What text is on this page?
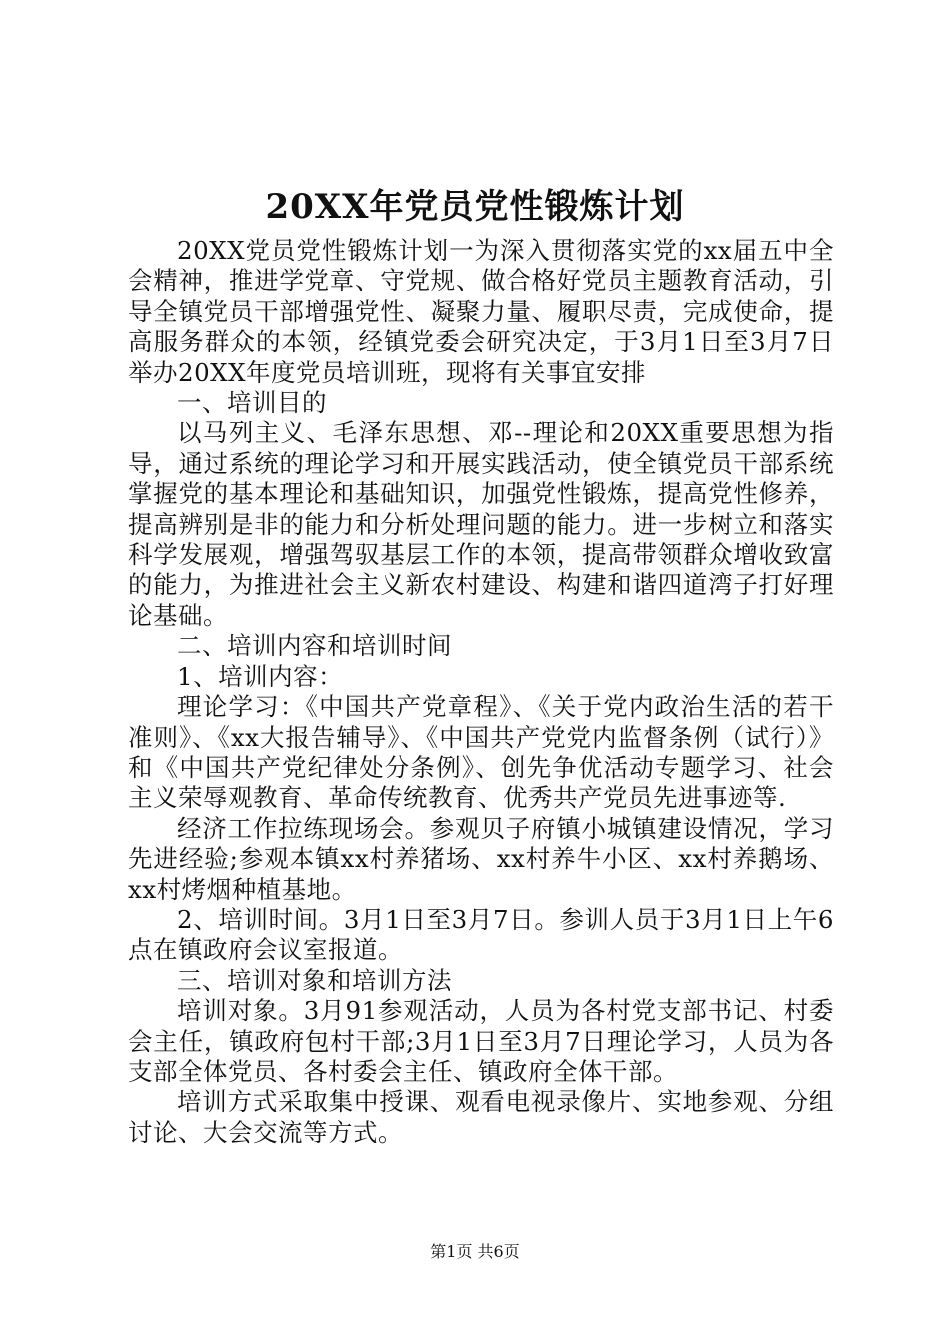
20XX年党员党性锻炼计划

20XX党员党性锻炼计划一为深入贯彻落实党的xx届五中全会精神，推进学党章、守党规、做合格好党员主题教育活动，引导全镇党员干部增强党性、凝聚力量、履职尽责，完成使命，提高服务群众的本领，经镇党委会研究决定，于3月1日至3月7日举办20XX年度党员培训班，现将有关事宜安排

一、培训目的

以马列主义、毛泽东思想、邓--理论和20XX重要思想为指导，通过系统的理论学习和开展实践活动，使全镇党员干部系统掌握党的基本理论和基础知识，加强党性锻炼，提高党性修养，提高辨别是非的能力和分析处理问题的能力。进一步树立和落实科学发展观，增强驾驭基层工作的本领，提高带领群众增收致富的能力，为推进社会主义新农村建设、构建和谐四道湾子打好理论基础。

二、培训内容和培训时间

1、培训内容：

理论学习：《中国共产党章程》、《关于党内政治生活的若干准则》、《xx大报告辅导》、《中国共产党党内监督条例（试行）》和《中国共产党纪律处分条例》、创先争优活动专题学习、社会主义荣辱观教育、革命传统教育、优秀共产党员先进事迹等.

经济工作拉练现场会。参观贝子府镇小城镇建设情况，学习先进经验;参观本镇xx村养猪场、xx村养牛小区、xx村养鹅场、xx村烤烟种植基地。

2、培训时间。3月1日至3月7日。参训人员于3月1日上午6点在镇政府会议室报道。

三、培训对象和培训方法

培训对象。3月91参观活动，人员为各村党支部书记、村委会主任，镇政府包村干部;3月1日至3月7日理论学习，人员为各支部全体党员、各村委会主任、镇政府全体干部。

培训方式采取集中授课、观看电视录像片、实地参观、分组讨论、大会交流等方式。

第1页 共6页
